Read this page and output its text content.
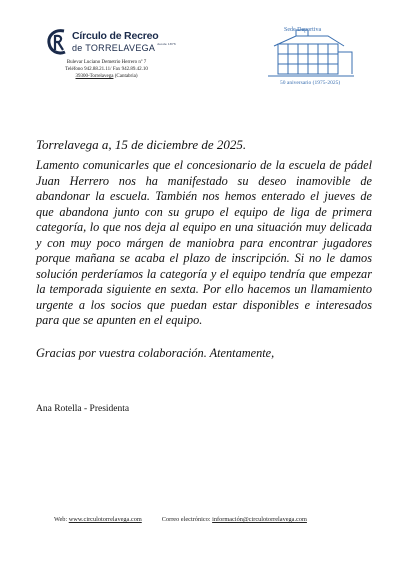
Círculo de Recreo
de TORRELAVEGA desde 1876
Bulevar Luciano Demetrio Herrero nº 7
Teléfono 942.88.21.11/ Fax 942.89.42.10
39300-Torrelavega (Cantabria)
Sede Deportiva
50 aniversario (1975-2025)
Torrelavega a, 15 de diciembre de 2025.

Lamento comunicarles que el concesionario de la escuela de pádel Juan Herrero nos ha manifestado su deseo inamovible de abandonar la escuela. También nos hemos enterado el jueves de que abandona junto con su grupo el equipo de liga de primera categoría, lo que nos deja al equipo en una situación muy delicada y con muy poco márgen de maniobra para encontrar jugadores porque mañana se acaba el plazo de inscripción. Si no le damos solución perderíamos la categoría y el equipo tendría que empezar la temporada siguiente en sexta. Por ello hacemos un llamamiento urgente a los socios que puedan estar disponibles e interesados para que se apunten en el equipo.

Gracias por vuestra colaboración. Atentamente,
Ana Rotella - Presidenta
Web: www.circulotorrelavega.com	Correo electrónico: información@circulotorrelavega.com
